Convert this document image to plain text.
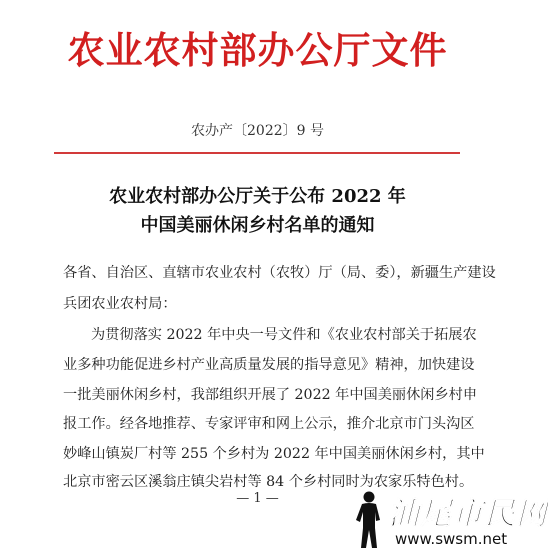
农业农村部办公厅文件
农办产〔2022〕9 号
农业农村部办公厅关于公布 2022 年
中国美丽休闲乡村名单的通知
各省、自治区、直辖市农业农村（农牧）厅（局、委），新疆生产建设
兵团农业农村局：
为贯彻落实 2022 年中央一号文件和《农业农村部关于拓展农
业多种功能促进乡村产业高质量发展的指导意见》精神，加快建设
一批美丽休闲乡村，我部组织开展了 2022 年中国美丽休闲乡村申
报工作。经各地推荐、专家评审和网上公示，推介北京市门头沟区
妙峰山镇炭厂村等 255 个乡村为 2022 年中国美丽休闲乡村，其中
北京市密云区溪翁庄镇尖岩村等 84 个乡村同时为农家乐特色村。
— 1 —	汕尾市民网
www.swsm.net
